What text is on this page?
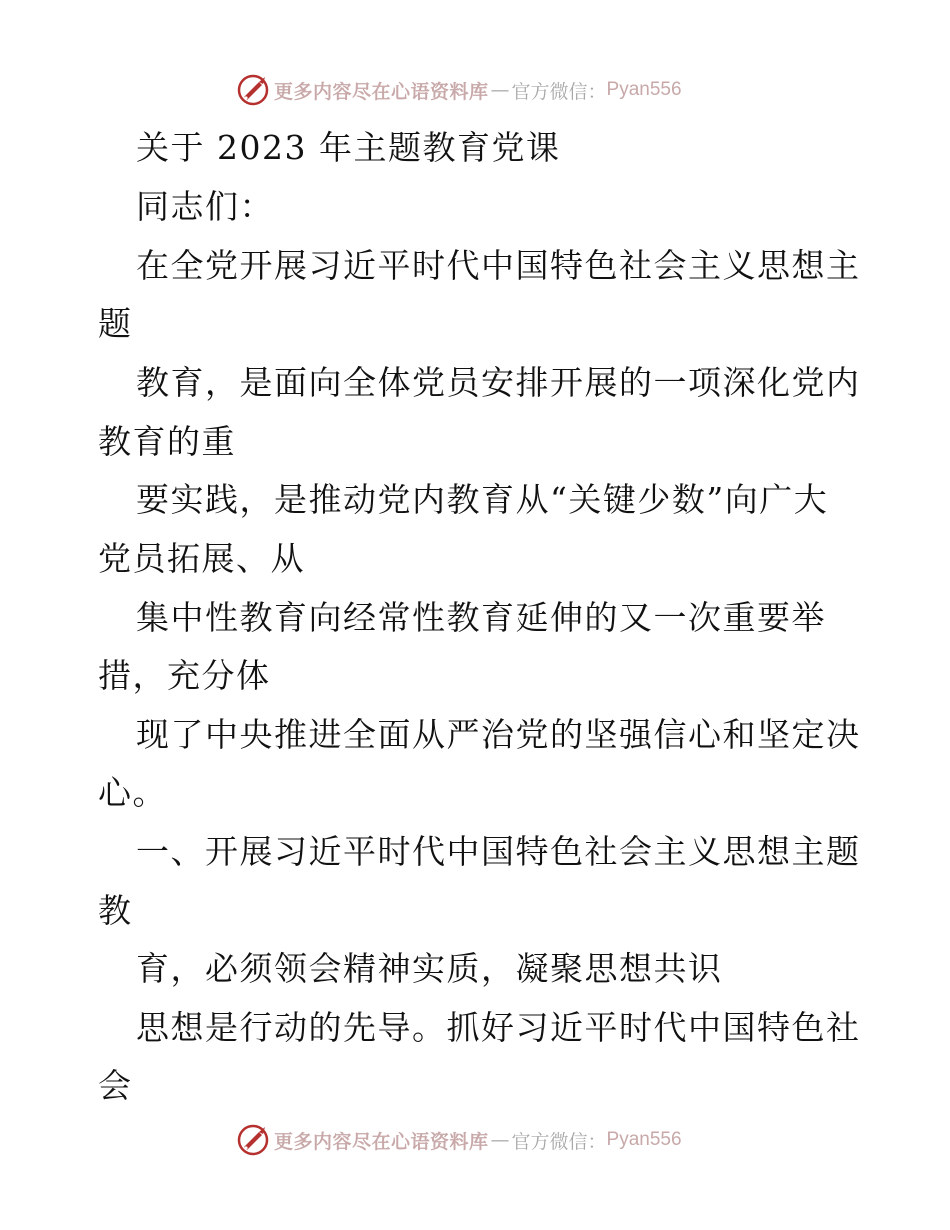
更多内容尽在心语资料库 — 官方微信： Pyan556
关于 2023 年主题教育党课
同志们：
在全党开展习近平时代中国特色社会主义思想主
题
教育，是面向全体党员安排开展的一项深化党内
教育的重
要实践，是推动党内教育从“关键少数”向广大
党员拓展、从
集中性教育向经常性教育延伸的又一次重要举
措，充分体
现了中央推进全面从严治党的坚强信心和坚定决
心。
一、开展习近平时代中国特色社会主义思想主题
教
育，必须领会精神实质，凝聚思想共识
思想是行动的先导。抓好习近平时代中国特色社
会
更多内容尽在心语资料库 — 官方微信： Pyan556
